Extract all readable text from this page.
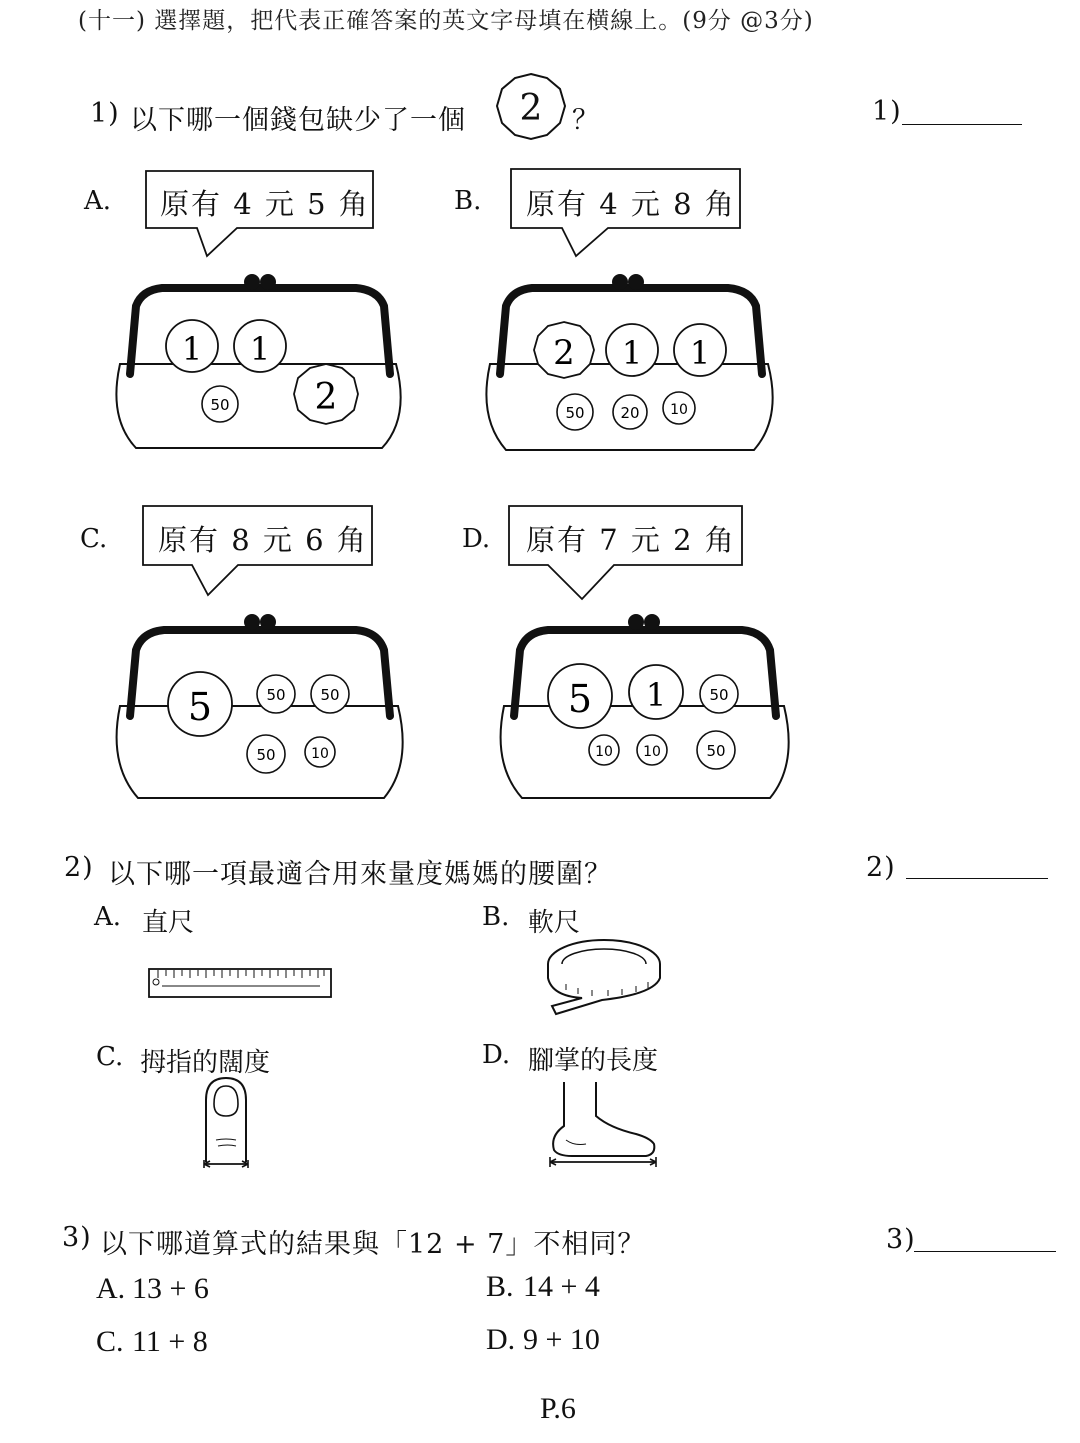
(十一) 選擇題，把代表正確答案的英文字母填在横線上。(9分 @3分)
1) 以下哪一個錢包缺少了一個 2 ？	1)
A. 原有 4 元 5 角
1 1
50 2
B. 原有 4 元 8 角
2 1 1
50 20 10
C. 原有 8 元 6 角
5	50 50
50	10
D. 原有 7 元 2 角
5 1	50
10 10	50
2) 以下哪一項最適合用來量度媽媽的腰圍？	2)
A. 直尺	B. 軟尺
C. 拇指的闊度	D. 腳掌的長度
3) 以下哪道算式的結果與「12 + 7」不相同？	3)
A. 13 + 6	B. 14 + 4
C. 11 + 8	D. 9 + 10
P.6
